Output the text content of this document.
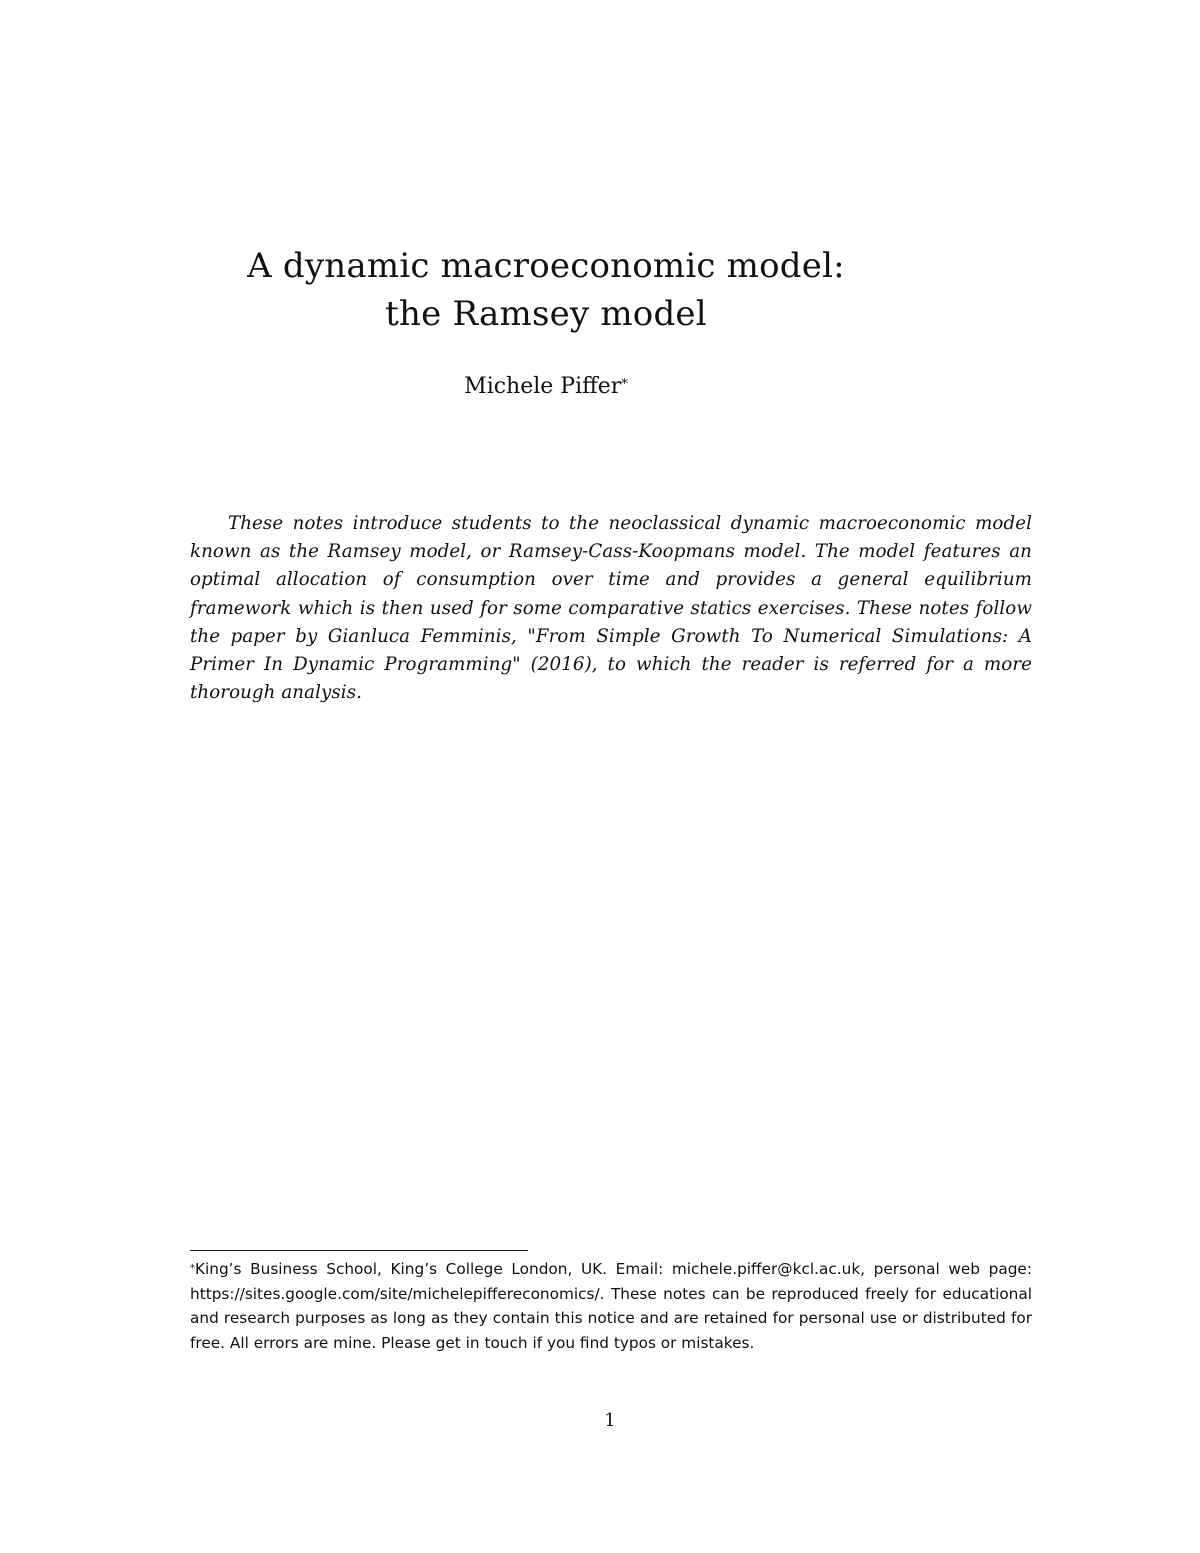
A dynamic macroeconomic model:
the Ramsey model
Michele Piffer*

These notes introduce students to the neoclassical dynamic macroeconomic model known as the Ramsey model, or Ramsey-Cass-Koopmans model. The model features an optimal allocation of consumption over time and provides a general equilibrium framework which is then used for some comparative statics exercises. These notes follow the paper by Gianluca Femminis, "From Simple Growth To Numerical Simulations: A Primer In Dynamic Programming" (2016), to which the reader is referred for a more thorough analysis.

*King’s Business School, King’s College London, UK. Email: michele.piffer@kcl.ac.uk, personal web page: https://sites.google.com/site/michelepiffereconomics/. These notes can be reproduced freely for educational and research purposes as long as they contain this notice and are retained for personal use or distributed for free. All errors are mine. Please get in touch if you find typos or mistakes.

1
